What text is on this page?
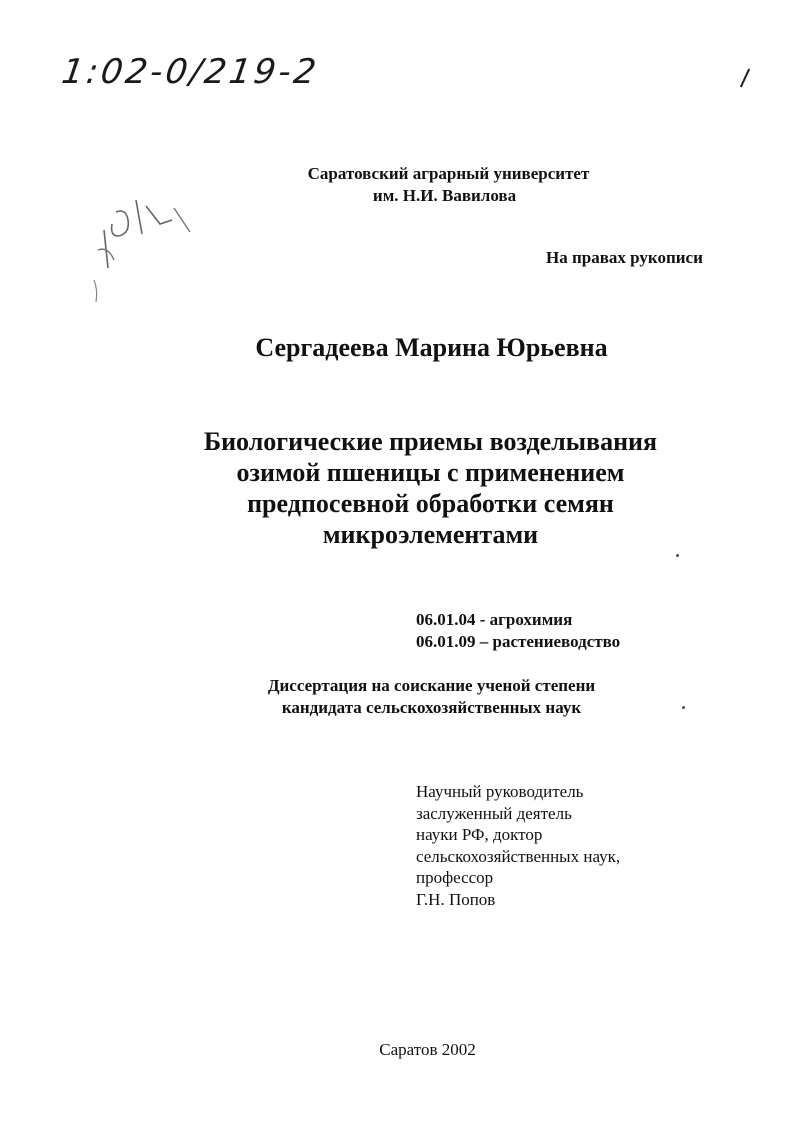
1:02-0/219-2
Саратовский аграрный университет
им. Н.И. Вавилова
На правах рукописи
Сергадеева Марина Юрьевна
Биологические приемы возделывания
озимой пшеницы с применением
предпосевной обработки семян
микроэлементами
06.01.04 - агрохимия
06.01.09 – растениеводство
Диссертация на соискание ученой степени
кандидата сельскохозяйственных наук
Научный руководитель
заслуженный деятель
науки РФ, доктор
сельскохозяйственных наук,
профессор
Г.Н. Попов
Саратов 2002
